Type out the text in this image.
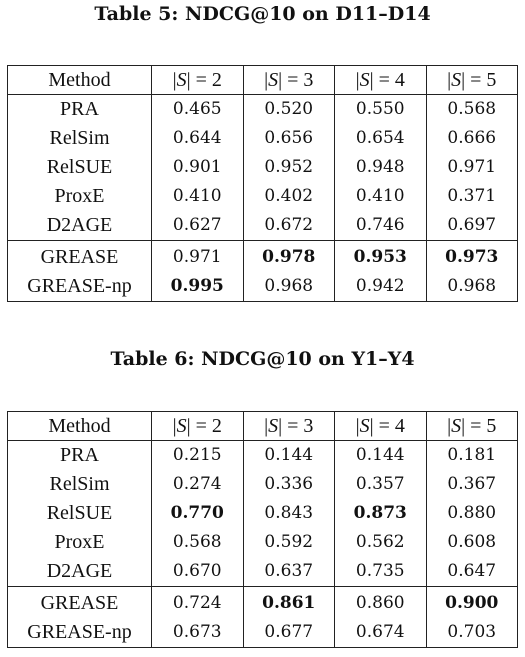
Table 5: NDCG@10 on D11–D14
Method	|S| = 2	|S| = 3	|S| = 4	|S| = 5
PRA	0.465	0.520	0.550	0.568
RelSim	0.644	0.656	0.654	0.666
RelSUE	0.901	0.952	0.948	0.971
ProxE	0.410	0.402	0.410	0.371
D2AGE	0.627	0.672	0.746	0.697
GREASE	0.971	0.978	0.953	0.973
GREASE-np	0.995	0.968	0.942	0.968
Table 6: NDCG@10 on Y1–Y4
Method	|S| = 2	|S| = 3	|S| = 4	|S| = 5
PRA	0.215	0.144	0.144	0.181
RelSim	0.274	0.336	0.357	0.367
RelSUE	0.770	0.843	0.873	0.880
ProxE	0.568	0.592	0.562	0.608
D2AGE	0.670	0.637	0.735	0.647
GREASE	0.724	0.861	0.860	0.900
GREASE-np	0.673	0.677	0.674	0.703
